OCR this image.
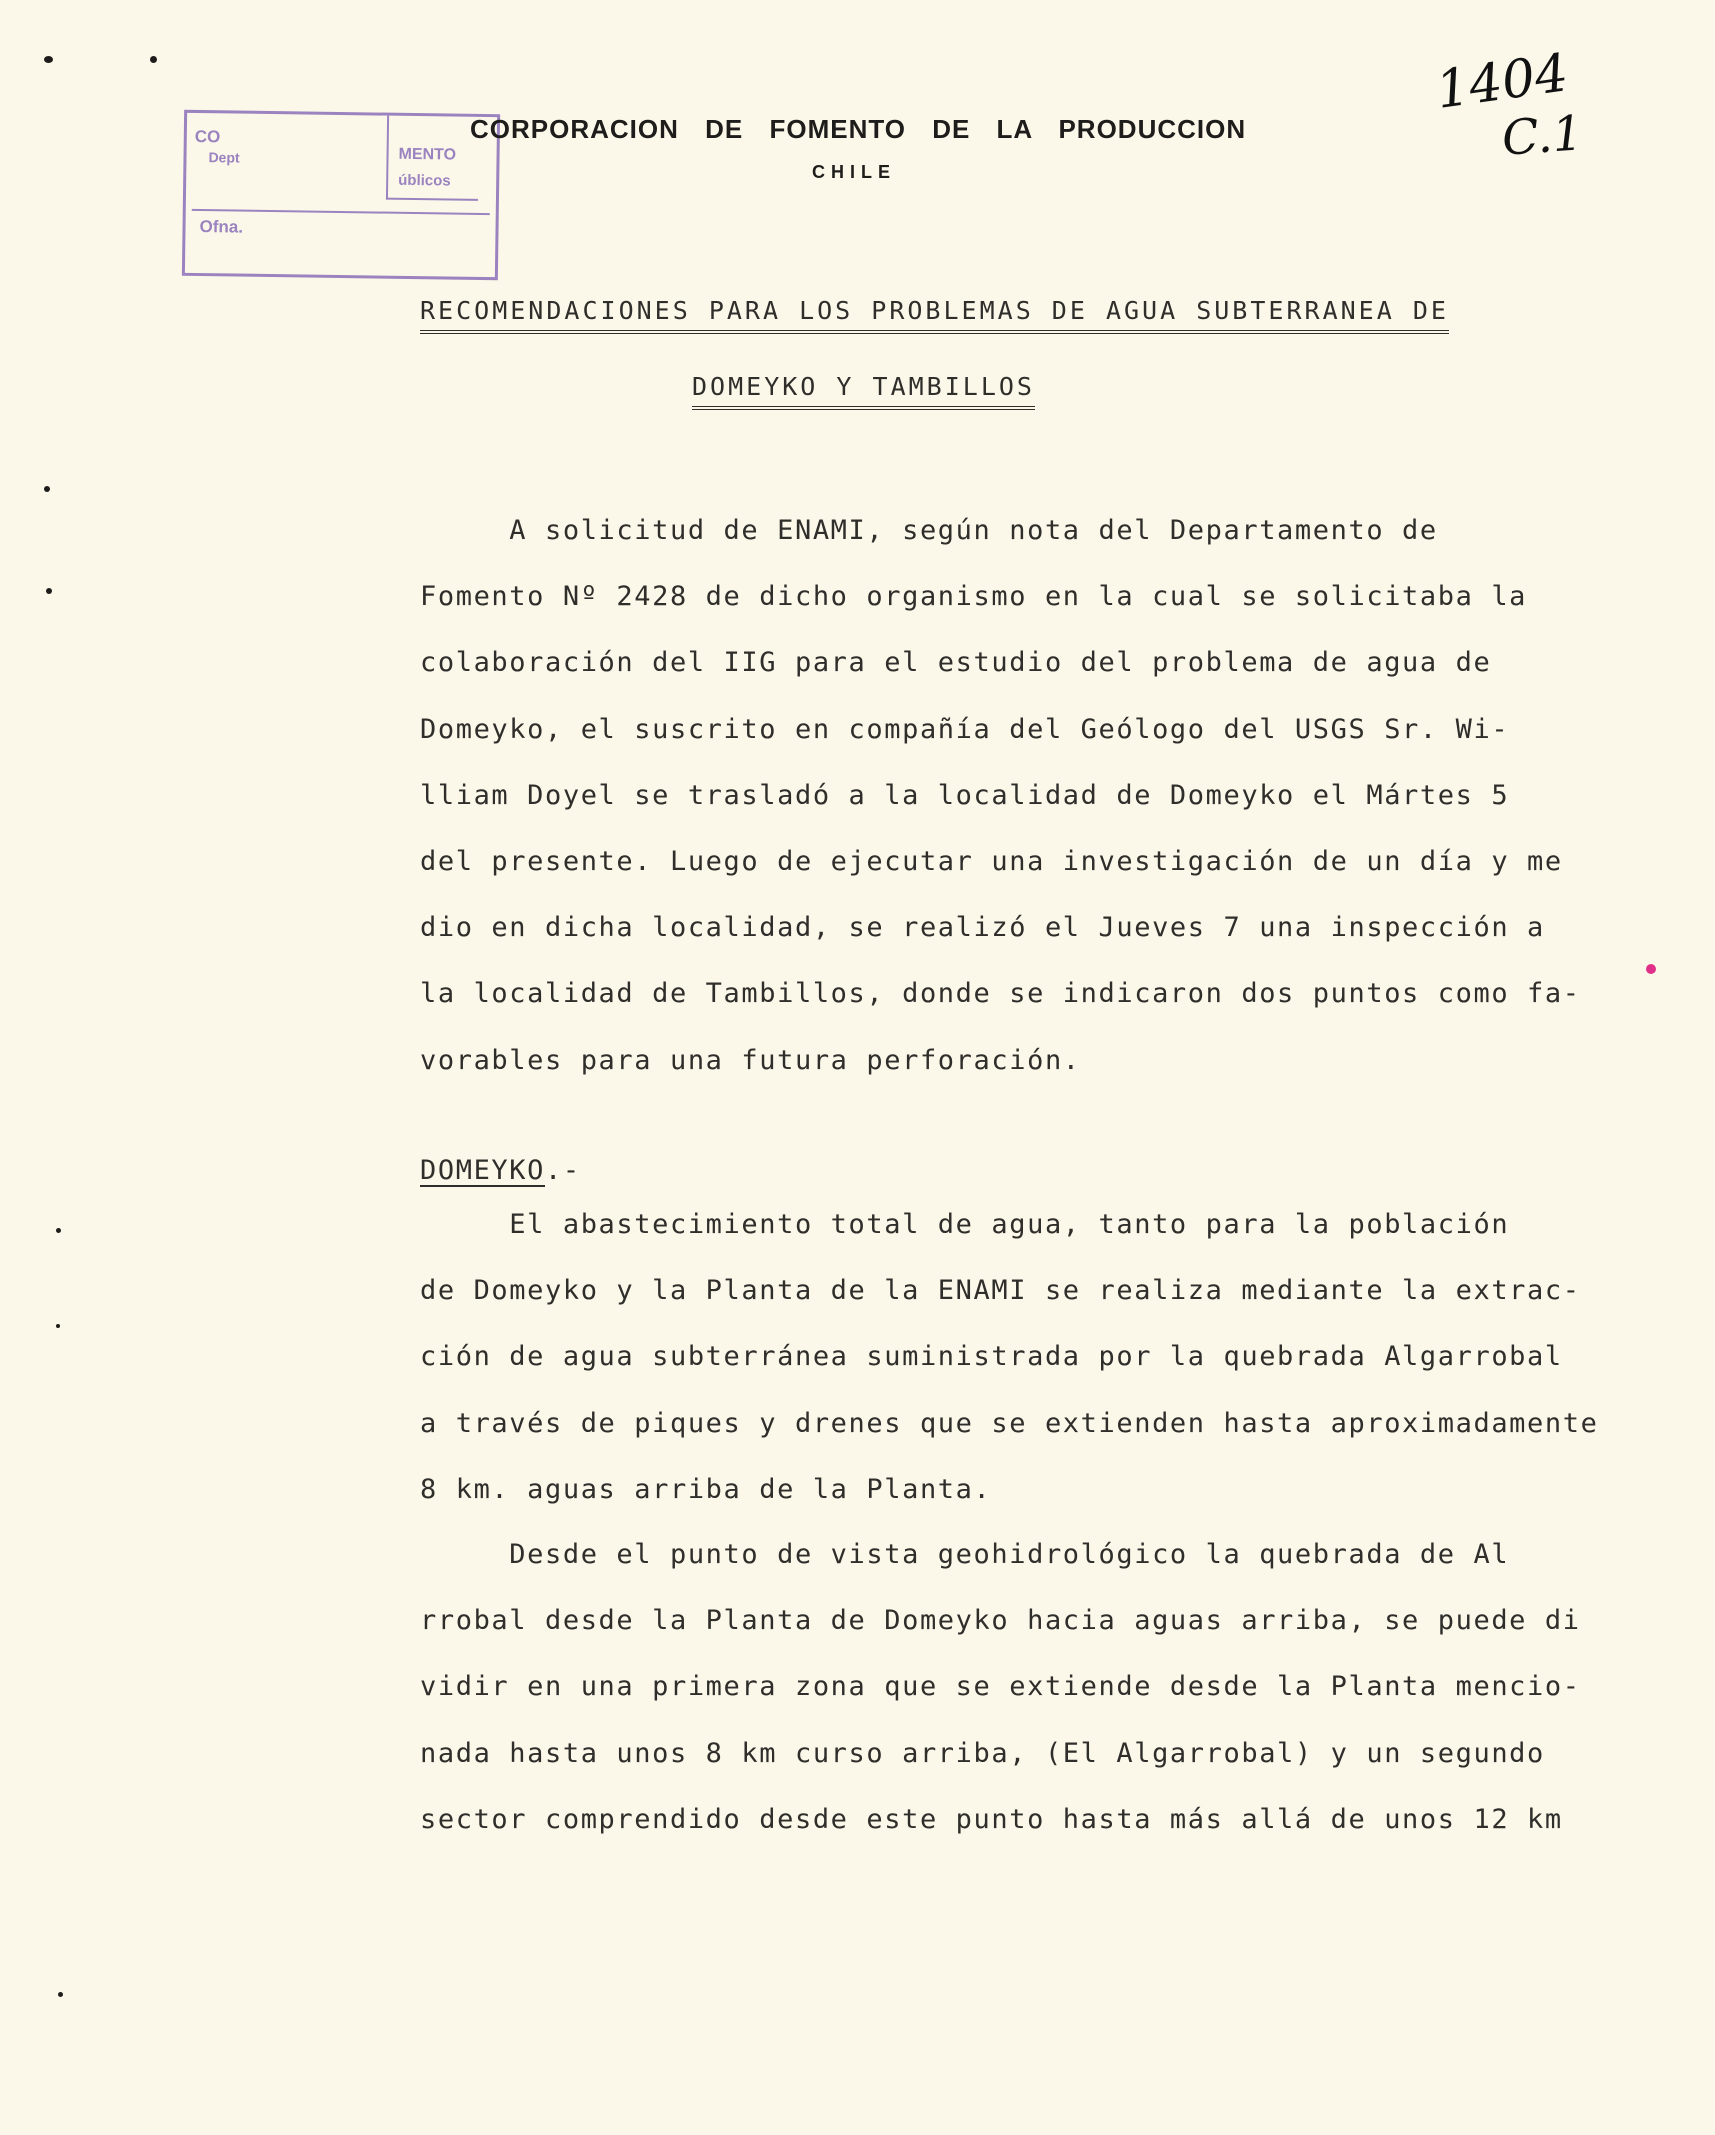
CO
MENTO
Dept
úblicos
Ofna.
CORPORACION DE FOMENTO DE LA PRODUCCION
CHILE
1404
C.1
RECOMENDACIONES PARA LOS PROBLEMAS DE AGUA SUBTERRANEA DE
DOMEYKO Y TAMBILLOS
A solicitud de ENAMI, según nota del Departamento de
Fomento Nº 2428 de dicho organismo en la cual se solicitaba la
colaboración del IIG para el estudio del problema de agua de
Domeyko, el suscrito en compañía del Geólogo del USGS Sr. Wi-
lliam Doyel se trasladó a la localidad de Domeyko el Mártes 5
del presente. Luego de ejecutar una investigación de un día y me
dio en dicha localidad, se realizó el Jueves 7 una inspección a
la localidad de Tambillos, donde se indicaron dos puntos como fa-
vorables para una futura perforación.
DOMEYKO.-
El abastecimiento total de agua, tanto para la población
de Domeyko y la Planta de la ENAMI se realiza mediante la extrac-
ción de agua subterránea suministrada por la quebrada Algarrobal
a través de piques y drenes que se extienden hasta aproximadamente
8 km. aguas arriba de la Planta.
Desde el punto de vista geohidrológico la quebrada de Al
rrobal desde la Planta de Domeyko hacia aguas arriba, se puede di
vidir en una primera zona que se extiende desde la Planta mencio-
nada hasta unos 8 km curso arriba, (El Algarrobal) y un segundo
sector comprendido desde este punto hasta más allá de unos 12 km
